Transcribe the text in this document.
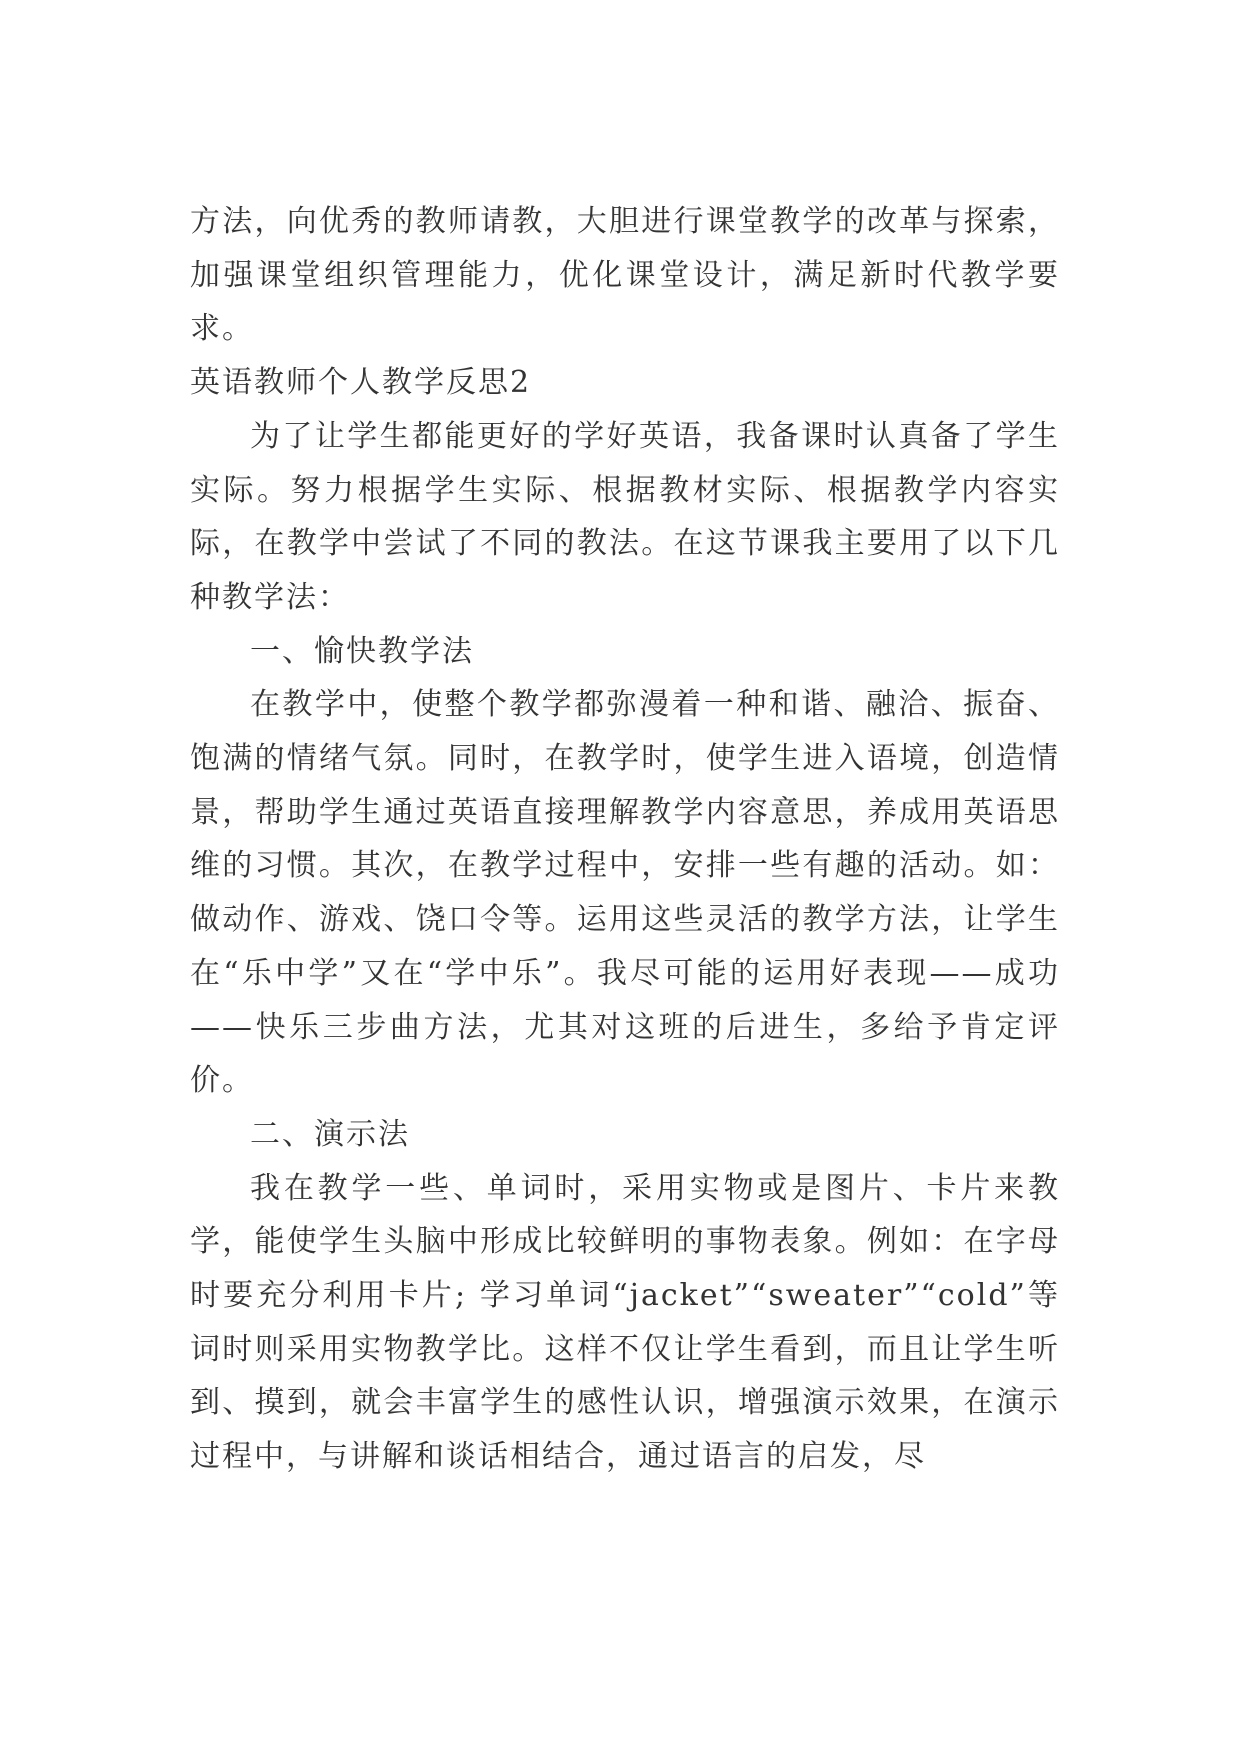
方法，向优秀的教师请教，大胆进行课堂教学的改革与探索，加强课堂组织管理能力，优化课堂设计，满足新时代教学要求。

英语教师个人教学反思2

为了让学生都能更好的学好英语，我备课时认真备了学生实际。努力根据学生实际、根据教材实际、根据教学内容实际，在教学中尝试了不同的教法。在这节课我主要用了以下几种教学法：

一、愉快教学法

在教学中，使整个教学都弥漫着一种和谐、融洽、振奋、饱满的情绪气氛。同时，在教学时，使学生进入语境，创造情景，帮助学生通过英语直接理解教学内容意思，养成用英语思维的习惯。其次，在教学过程中，安排一些有趣的活动。如：做动作、游戏、饶口令等。运用这些灵活的教学方法，让学生在“乐中学”又在“学中乐”。我尽可能的运用好表现——成功——快乐三步曲方法，尤其对这班的后进生，多给予肯定评价。

二、演示法

我在教学一些、单词时，采用实物或是图片、卡片来教学，能使学生头脑中形成比较鲜明的事物表象。例如：在字母时要充分利用卡片; 学习单词“jacket”“sweater”“cold”等词时则采用实物教学比。这样不仅让学生看到，而且让学生听到、摸到，就会丰富学生的感性认识，增强演示效果，在演示过程中，与讲解和谈话相结合，通过语言的启发，尽
